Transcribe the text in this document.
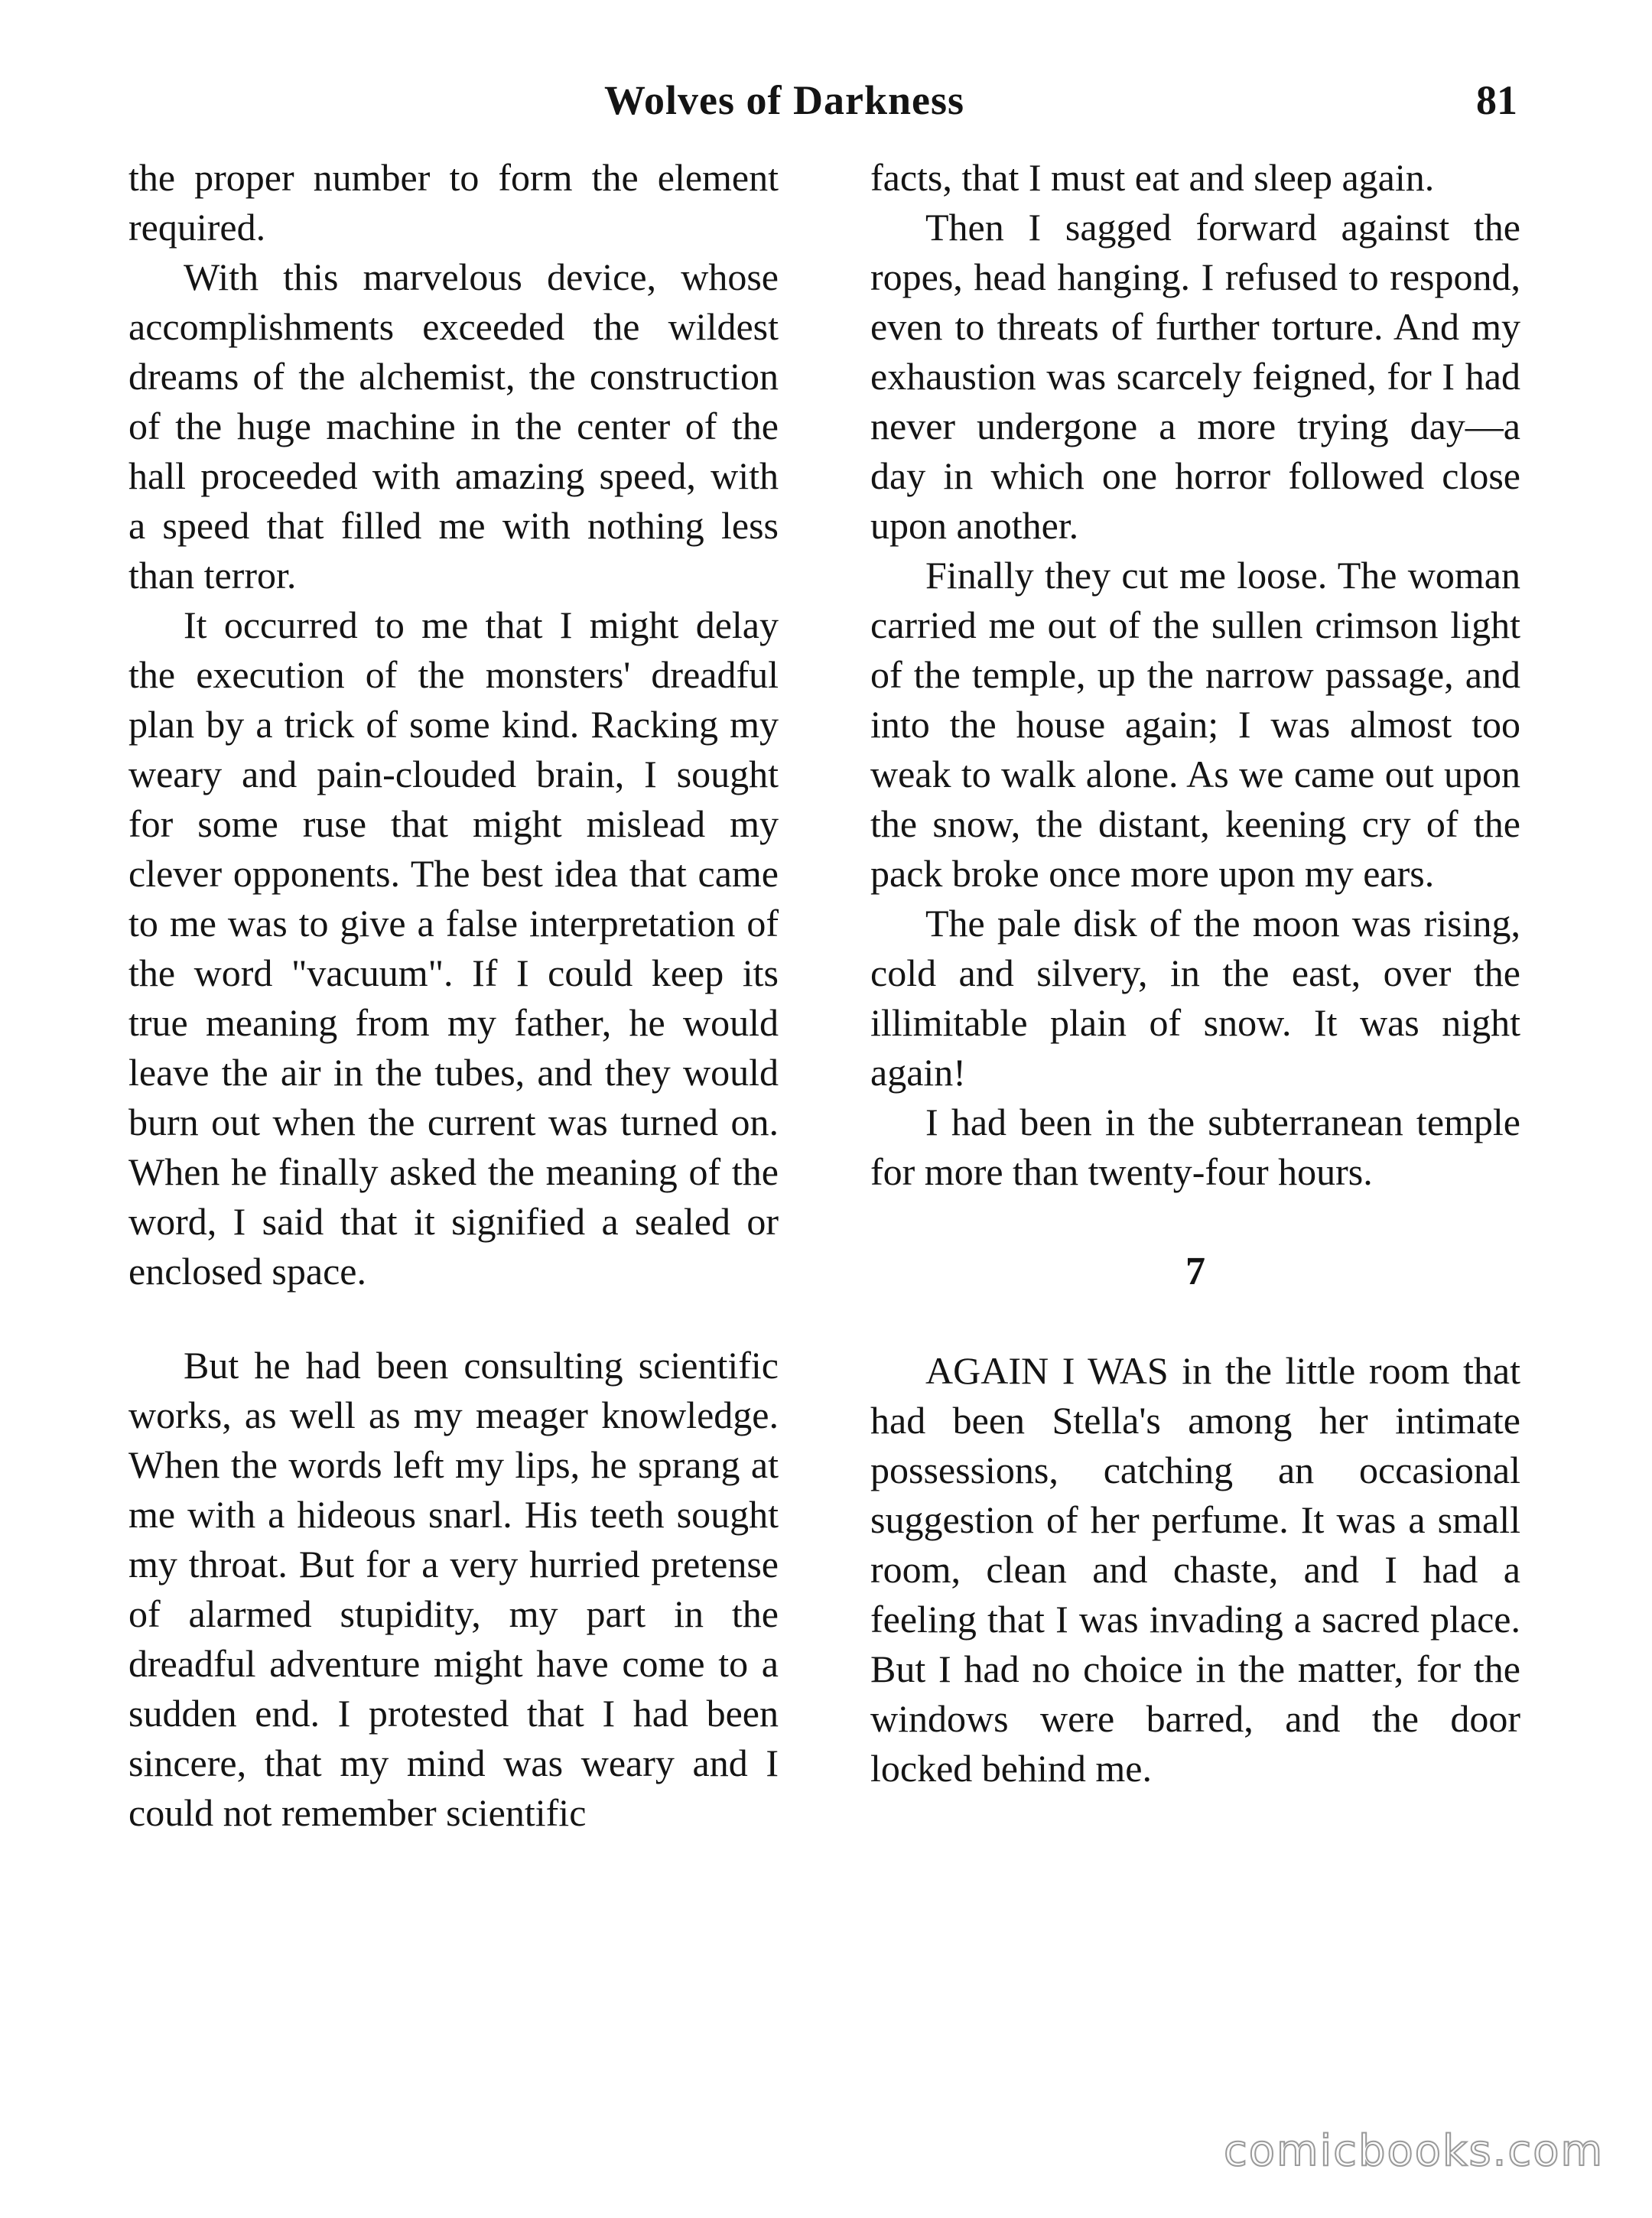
Wolves of Darkness	81

the proper number to form the element required.

With this marvelous device, whose accomplishments exceeded the wildest dreams of the alchemist, the construction of the huge machine in the center of the hall proceeded with amazing speed, with a speed that filled me with nothing less than terror.

It occurred to me that I might delay the execution of the monsters' dreadful plan by a trick of some kind. Racking my weary and pain-clouded brain, I sought for some ruse that might mislead my clever opponents. The best idea that came to me was to give a false interpretation of the word "vacuum". If I could keep its true meaning from my father, he would leave the air in the tubes, and they would burn out when the current was turned on. When he finally asked the meaning of the word, I said that it signified a sealed or enclosed space.

But he had been consulting scientific works, as well as my meager knowledge. When the words left my lips, he sprang at me with a hideous snarl. His teeth sought my throat. But for a very hurried pretense of alarmed stupidity, my part in the dreadful adventure might have come to a sudden end. I protested that I had been sincere, that my mind was weary and I could not remember scientific

facts, that I must eat and sleep again.

Then I sagged forward against the ropes, head hanging. I refused to respond, even to threats of further torture. And my exhaustion was scarcely feigned, for I had never undergone a more trying day—a day in which one horror followed close upon another.

Finally they cut me loose. The woman carried me out of the sullen crimson light of the temple, up the narrow passage, and into the house again; I was almost too weak to walk alone. As we came out upon the snow, the distant, keening cry of the pack broke once more upon my ears.

The pale disk of the moon was rising, cold and silvery, in the east, over the illimitable plain of snow. It was night again!

I had been in the subterranean temple for more than twenty-four hours.

7

AGAIN I WAS in the little room that had been Stella's among her intimate possessions, catching an occasional suggestion of her perfume. It was a small room, clean and chaste, and I had a feeling that I was invading a sacred place. But I had no choice in the matter, for the windows were barred, and the door locked behind me.

comicbooks.com
